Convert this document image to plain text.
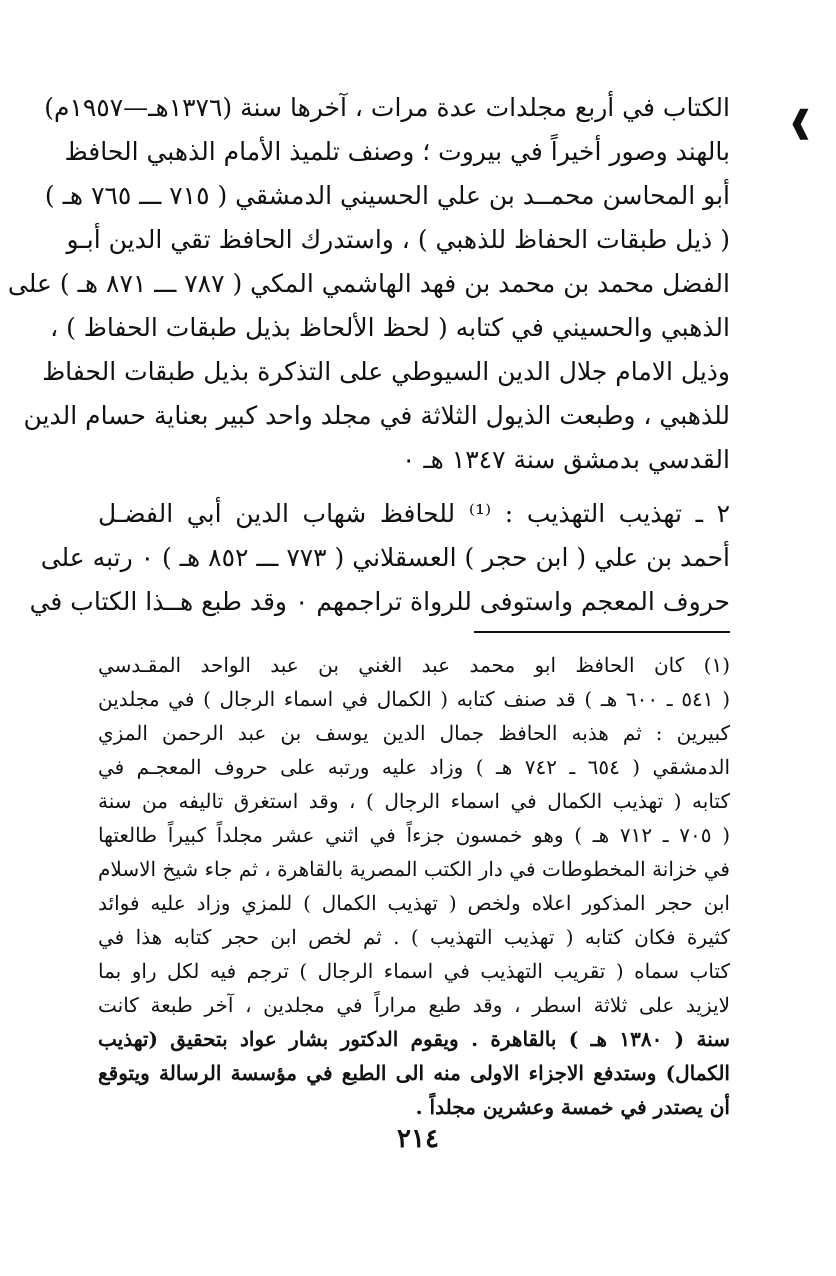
❰
الكتاب في أربع مجلدات عدة مرات ، آخرها سنة (١٣٧٦هـ—١٩٥٧م)
بالهند وصور أخيراً في بيروت ؛ وصنف تلميذ الأمام الذهبي الحافظ
أبو المحاسن محمــد بن علي الحسيني الدمشقي ( ٧١٥ ـــ ٧٦٥ هـ )
( ذيل طبقات الحفاظ للذهبي ) ، واستدرك الحافظ تقي الدين أبـو
الفضل محمد بن محمد بن فهد الهاشمي المكي ( ٧٨٧ ـــ ٨٧١ هـ ) على
الذهبي والحسيني في كتابه ( لحظ الألحاظ بذيل طبقات الحفاظ ) ،
وذيل الامام جلال الدين السيوطي على التذكرة بذيل طبقات الحفاظ
للذهبي ، وطبعت الذيول الثلاثة في مجلد واحد كبير بعناية حسام الدين
القدسي بدمشق سنة ١٣٤٧ هـ ٠
٢ ـ تهذيب التهذيب : ⁽¹⁾ للحافظ شهاب الدين أبي الفضـل
أحمد بن علي ( ابن حجر ) العسقلاني ( ٧٧٣ ـــ ٨٥٢ هـ ) ٠ رتبه على
حروف المعجم واستوفى للرواة تراجمهم ٠ وقد طبع هــذا الكتاب في
(١) كان الحافظ ابو محمد عبد الغني بن عبد الواحد المقـدسي
( ٥٤١ ـ ٦٠٠ هـ ) قد صنف كتابه ( الكمال في اسماء الرجال ) في مجلدين
كبيرين : ثم هذبه الحافظ جمال الدين يوسف بن عبد الرحمن المزي
الدمشقي ( ٦٥٤ ـ ٧٤٢ هـ ) وزاد عليه ورتبه على حروف المعجـم في
كتابه ( تهذيب الكمال في اسماء الرجال ) ، وقد استغرق تاليفه من سنة
( ٧٠٥ ـ ٧١٢ هـ ) وهو خمسون جزءاً في اثني عشر مجلداً كبيراً طالعتها
في خزانة المخطوطات في دار الكتب المصرية بالقاهرة ، ثم جاء شيخ الاسلام
ابن حجر المذكور اعلاه ولخص ( تهذيب الكمال ) للمزي وزاد عليه فوائد
كثيرة فكان كتابه ( تهذيب التهذيب ) . ثم لخص ابن حجر كتابه هذا في
كتاب سماه ( تقريب التهذيب في اسماء الرجال ) ترجم فيه لكل راو بما
لايزيد على ثلاثة اسطر ، وقد طبع مراراً في مجلدين ، آخر طبعة كانت
سنة ( ١٣٨٠ هـ ) بالقاهرة . ويقوم الدكتور بشار عواد بتحقيق (تهذيب
الكمال) وستدفع الاجزاء الاولى منه الى الطبع في مؤسسة الرسالة ويتوقع
أن يصتدر في خمسة وعشرين مجلداً .
٢١٤
